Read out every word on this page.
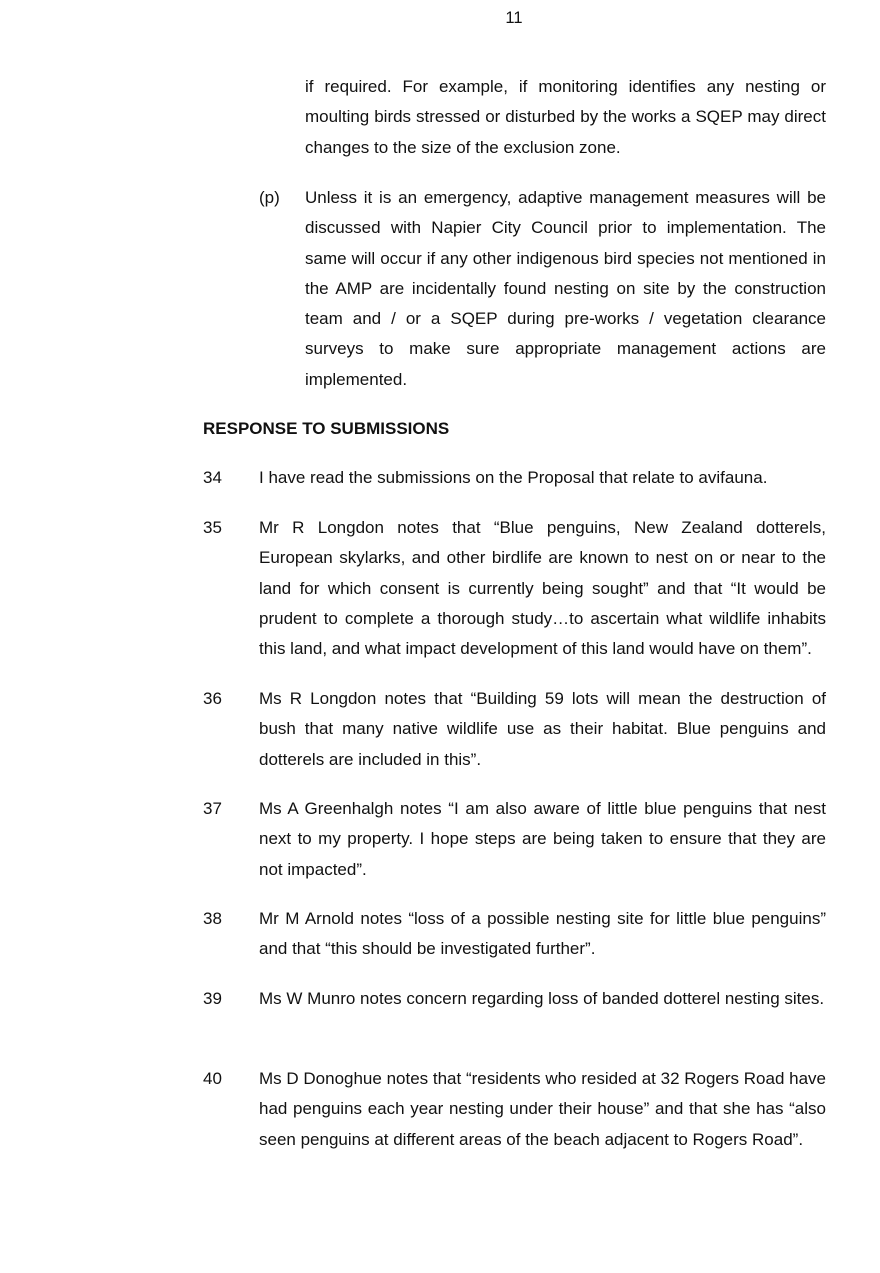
11
if required. For example, if monitoring identifies any nesting or moulting birds stressed or disturbed by the works a SQEP may direct changes to the size of the exclusion zone.
(p) Unless it is an emergency, adaptive management measures will be discussed with Napier City Council prior to implementation. The same will occur if any other indigenous bird species not mentioned in the AMP are incidentally found nesting on site by the construction team and / or a SQEP during pre-works / vegetation clearance surveys to make sure appropriate management actions are implemented.
RESPONSE TO SUBMISSIONS
34 I have read the submissions on the Proposal that relate to avifauna.
35 Mr R Longdon notes that “Blue penguins, New Zealand dotterels, European skylarks, and other birdlife are known to nest on or near to the land for which consent is currently being sought” and that “It would be prudent to complete a thorough study…to ascertain what wildlife inhabits this land, and what impact development of this land would have on them”.
36 Ms R Longdon notes that “Building 59 lots will mean the destruction of bush that many native wildlife use as their habitat. Blue penguins and dotterels are included in this”.
37 Ms A Greenhalgh notes “I am also aware of little blue penguins that nest next to my property. I hope steps are being taken to ensure that they are not impacted”.
38 Mr M Arnold notes “loss of a possible nesting site for little blue penguins” and that “this should be investigated further”.
39 Ms W Munro notes concern regarding loss of banded dotterel nesting sites.
40 Ms D Donoghue notes that “residents who resided at 32 Rogers Road have had penguins each year nesting under their house” and that she has “also seen penguins at different areas of the beach adjacent to Rogers Road”.
